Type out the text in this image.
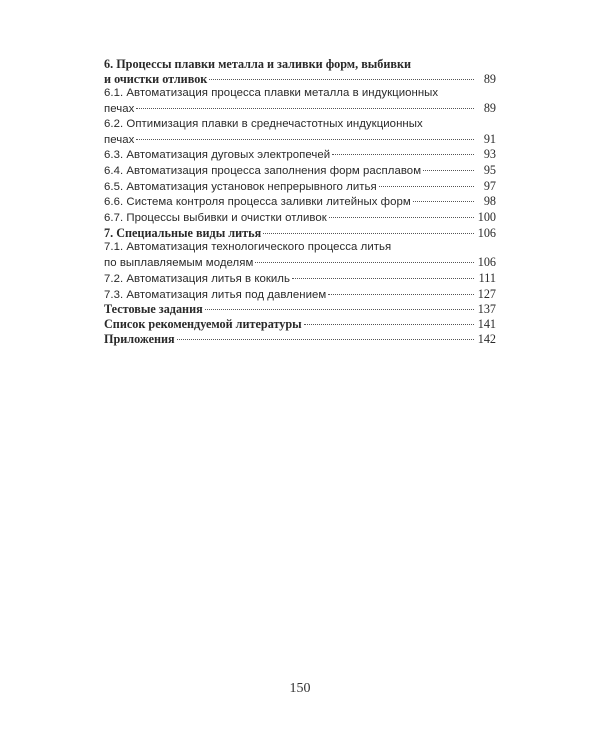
6. Процессы плавки металла и заливки форм, выбивки
и очистки отливок	89
6.1. Автоматизация процесса плавки металла в индукционных
печах	89
6.2. Оптимизация плавки в среднечастотных индукционных
печах	91
6.3. Автоматизация дуговых электропечей	93
6.4. Автоматизация процесса заполнения форм расплавом	95
6.5. Автоматизация установок непрерывного литья	97
6.6. Система контроля процесса заливки литейных форм	98
6.7. Процессы выбивки и очистки отливок	100
7. Специальные виды литья	106
7.1. Автоматизация технологического процесса литья
по выплавляемым моделям	106
7.2. Автоматизация литья в кокиль	111
7.3. Автоматизация литья под давлением	127
Тестовые задания	137
Список рекомендуемой литературы	141
Приложения	142
150
